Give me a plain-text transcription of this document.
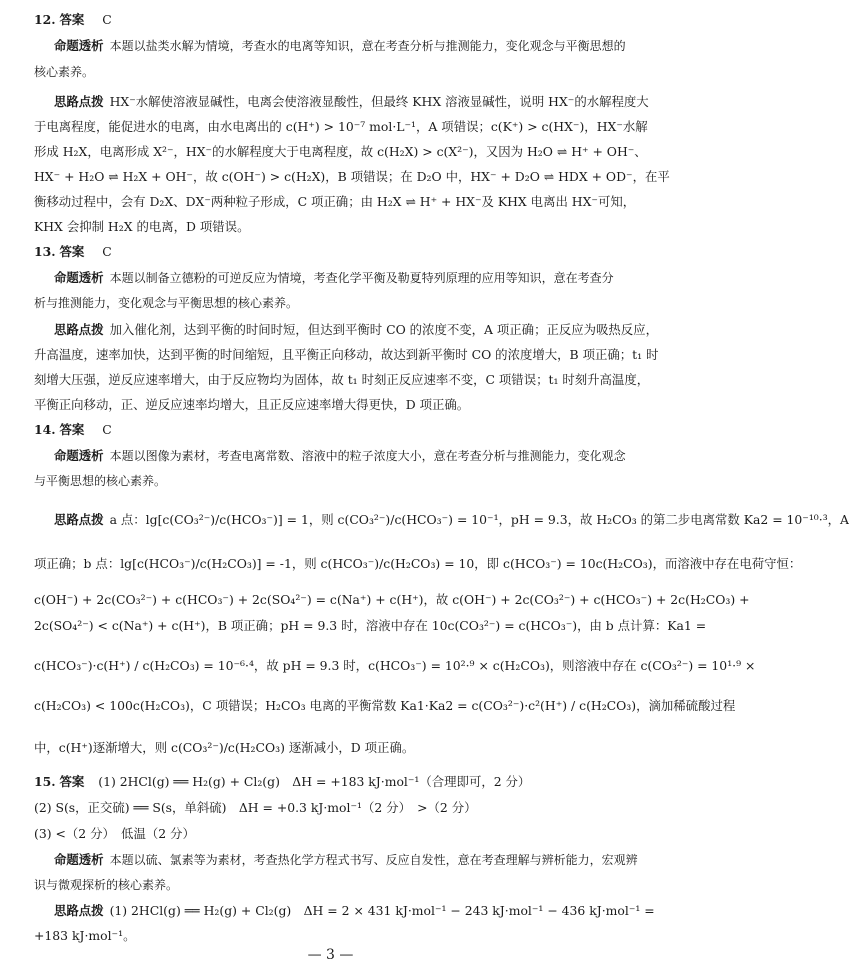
12. 答案 C
命题透析 本题以盐类水解为情境，考查水的电离等知识，意在考查分析与推测能力，变化观念与平衡思想的
核心素养。
思路点拨 HX⁻水解使溶液显碱性，电离会使溶液显酸性，但最终 KHX 溶液显碱性，说明 HX⁻的水解程度大
于电离程度，能促进水的电离，由水电离出的 c(H⁺) > 10⁻⁷ mol·L⁻¹，A 项错误；c(K⁺) > c(HX⁻)，HX⁻水解
形成 H₂X，电离形成 X²⁻，HX⁻的水解程度大于电离程度，故 c(H₂X) > c(X²⁻)，又因为 H₂O ⇌ H⁺ + OH⁻、
HX⁻ + H₂O ⇌ H₂X + OH⁻，故 c(OH⁻) > c(H₂X)，B 项错误；在 D₂O 中，HX⁻ + D₂O ⇌ HDX + OD⁻，在平
衡移动过程中，会有 D₂X、DX⁻两种粒子形成，C 项正确；由 H₂X ⇌ H⁺ + HX⁻及 KHX 电离出 HX⁻可知，
KHX 会抑制 H₂X 的电离，D 项错误。
13. 答案 C
命题透析 本题以制备立德粉的可逆反应为情境，考查化学平衡及勒夏特列原理的应用等知识，意在考查分
析与推测能力，变化观念与平衡思想的核心素养。
思路点拨 加入催化剂，达到平衡的时间时短，但达到平衡时 CO 的浓度不变，A 项正确；正反应为吸热反应，
升高温度，速率加快，达到平衡的时间缩短，且平衡正向移动，故达到新平衡时 CO 的浓度增大，B 项正确；t₁ 时
刻增大压强，逆反应速率增大，由于反应物均为固体，故 t₁ 时刻正反应速率不变，C 项错误；t₁ 时刻升高温度，
平衡正向移动，正、逆反应速率均增大，且正反应速率增大得更快，D 项正确。
14. 答案 C
命题透析 本题以图像为素材，考查电离常数、溶液中的粒子浓度大小，意在考查分析与推测能力，变化观念
与平衡思想的核心素养。
思路点拨 a 点：lg[c(CO₃²⁻)/c(HCO₃⁻)] = 1，则 c(CO₃²⁻)/c(HCO₃⁻) = 10⁻¹，pH = 9.3，故 H₂CO₃ 的第二步电离常数 Ka2 = 10⁻¹⁰·³，A
项正确；b 点：lg[c(HCO₃⁻)/c(H₂CO₃)] = -1，则 c(HCO₃⁻)/c(H₂CO₃) = 10，即 c(HCO₃⁻) = 10c(H₂CO₃)，而溶液中存在电荷守恒：
c(OH⁻) + 2c(CO₃²⁻) + c(HCO₃⁻) + 2c(SO₄²⁻) = c(Na⁺) + c(H⁺)，故 c(OH⁻) + 2c(CO₃²⁻) + c(HCO₃⁻) + 2c(H₂CO₃) +
2c(SO₄²⁻) < c(Na⁺) + c(H⁺)，B 项正确；pH = 9.3 时，溶液中存在 10c(CO₃²⁻) = c(HCO₃⁻)，由 b 点计算：Ka1 =
c(HCO₃⁻)·c(H⁺) / c(H₂CO₃) = 10⁻⁶·⁴，故 pH = 9.3 时，c(HCO₃⁻) = 10²·⁹ × c(H₂CO₃)，则溶液中存在 c(CO₃²⁻) = 10¹·⁹ ×
c(H₂CO₃) < 100c(H₂CO₃)，C 项错误；H₂CO₃ 电离的平衡常数 Ka1·Ka2 = c(CO₃²⁻)·c²(H⁺) / c(H₂CO₃)，滴加稀硫酸过程
中，c(H⁺)逐渐增大，则 c(CO₃²⁻)/c(H₂CO₃) 逐渐减小，D 项正确。
15. 答案 (1) 2HCl(g) ══ H₂(g) + Cl₂(g)　ΔH = +183 kJ·mol⁻¹（合理即可，2 分）
(2) S(s，正交硫) ══ S(s，单斜硫)　ΔH = +0.3 kJ·mol⁻¹（2 分）　>（2 分）
(3) <（2 分）　低温（2 分）
命题透析 本题以硫、氯素等为素材，考查热化学方程式书写、反应自发性，意在考查理解与辨析能力，宏观辨
识与微观探析的核心素养。
思路点拨 (1) 2HCl(g) ══ H₂(g) + Cl₂(g)　ΔH = 2 × 431 kJ·mol⁻¹ − 243 kJ·mol⁻¹ − 436 kJ·mol⁻¹ =
+183 kJ·mol⁻¹。
— 3 —
